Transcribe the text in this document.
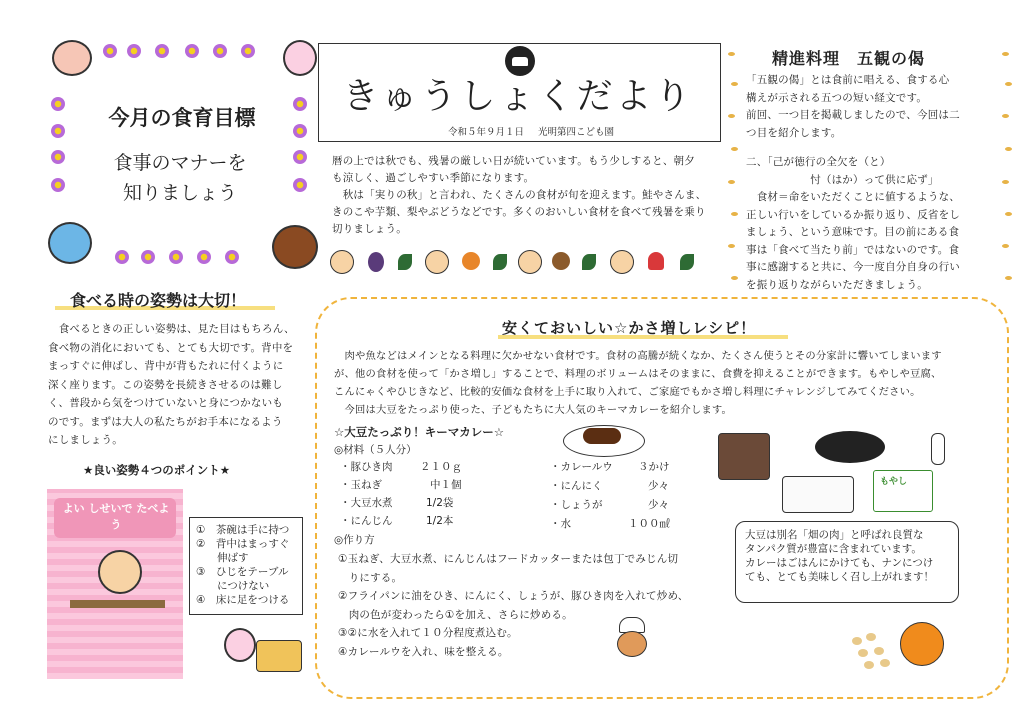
今月の食育目標
食事のマナーを
知りましょう
きゅうしょくだより
令和５年９月１日 光明第四こども園
暦の上では秋でも、残暑の厳しい日が続いています。もう少しすると、朝夕
も涼しく、過ごしやすい季節になります。
　秋は「実りの秋」と言われ、たくさんの食材が旬を迎えます。鮭やさんま、
きのこや芋類、梨やぶどうなどです。多くのおいしい食材を食べて残暑を乗り
切りましょう。
精進料理　五観の偈
「五観の偈」とは食前に唱える、食する心
構えが示される五つの短い経文です。
前回、一つ目を掲載しましたので、今回は二
つ目を紹介します。
二、「己が徳行の全欠を（と）
　　　　　　忖（はか）って供に応ず」
　食材＝命をいただくことに値するような、
正しい行いをしているか振り返り、反省をし
ましょう、という意味です。目の前にある食
事は「食べて当たり前」ではないのです。食
事に感謝すると共に、今一度自分自身の行い
を振り返りながらいただきましょう。
食べる時の姿勢は大切！
　食べるときの正しい姿勢は、見た目はもちろん、
食べ物の消化においても、とても大切です。背中を
まっすぐに伸ばし、背中が背もたれに付くように
深く座ります。この姿勢を長続きさせるのは難し
く、普段から気をつけていないと身につかないも
のです。まずは大人の私たちがお手本になるよう
にしましょう。
★良い姿勢４つのポイント★
よい しせいで たべよう	①　茶碗は手に持つ
②　背中はまっすぐ
　　伸ばす
③　ひじをテーブル
　　につけない
④　床に足をつける
安くておいしい☆かさ増しレシピ！
　肉や魚などはメインとなる料理に欠かせない食材です。食材の高騰が続くなか、たくさん使うとその分家計に響いてしまいます
が、他の食材を使って「かさ増し」することで、料理のボリュームはそのままに、食費を抑えることができます。もやしや豆腐、
こんにゃくやひじきなど、比較的安価な食材を上手に取り入れて、ご家庭でもかさ増し料理にチャレンジしてみてください。
　今回は大豆をたっぷり使った、子どもたちに大人気のキーマカレーを紹介します。
☆大豆たっぷり！キーマカレー☆
◎材料（５人分）
・豚ひき肉	２１０ｇ
・玉ねぎ	中１個
・大豆水煮	1/2袋
・にんじん	1/2本
・カレールウ ３かけ
・にんにく	少々
・しょうが	少々
・水	１００㎖
◎作り方
①玉ねぎ、大豆水煮、にんじんはフードカッターまたは包丁でみじん切
　りにする。
②フライパンに油をひき、にんにく、しょうが、豚ひき肉を入れて炒め、
　肉の色が変わったら①を加え、さらに炒める。
③②に水を入れて１０分程度煮込む。
④カレールウを入れ、味を整える。
もやし
大豆は別名「畑の肉」と呼ばれ良質な
タンパク質が豊富に含まれています。
カレーはごはんにかけても、ナンにつけ
ても、とても美味しく召し上がれます！
